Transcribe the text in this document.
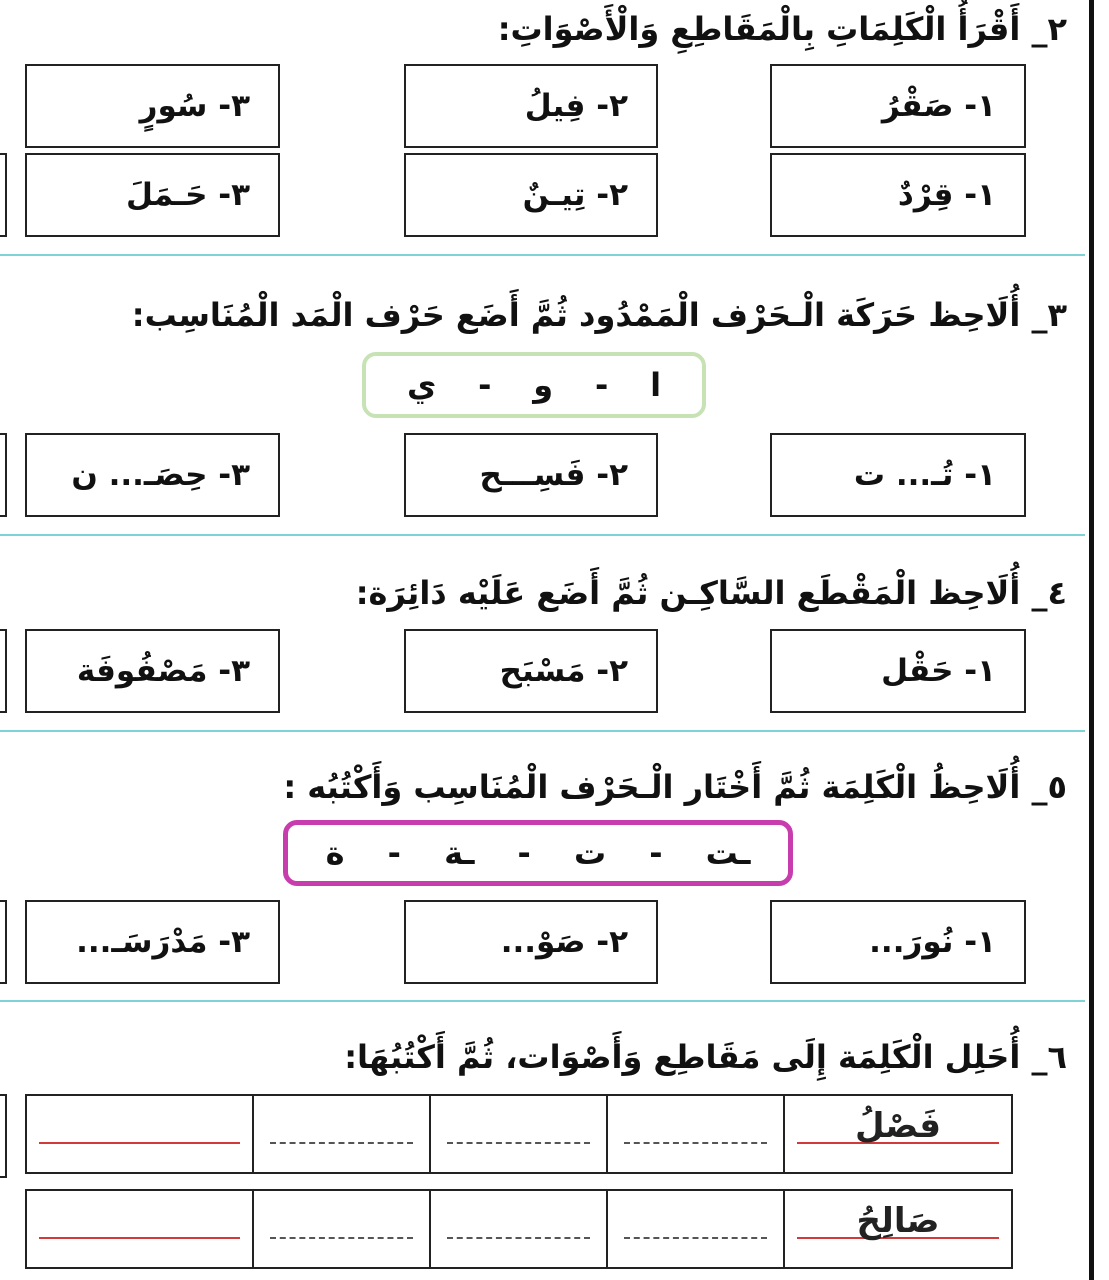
٢_ أَقْرَأُ الْكَلِمَاتِ بِالْمَقَاطِعِ وَالْأَصْوَاتِ:
١- صَقْرُ
٢- فِيلُ
٣- سُورٍ
١- قِرْدٌ
٢- تِيـنٌ
٣- حَـمَلَ
٣_ أُلَاحِظ حَرَكَة الْـحَرْف الْمَمْدُود ثُمَّ أَضَع حَرْف الْمَد الْمُنَاسِب:
ا
-
و
-
ي
١- تُـ... ت
٢- فَسِـــح
٣- حِصَـ... ن
٤_ أُلَاحِظ الْمَقْطَع السَّاكِـن ثُمَّ أَضَع عَلَيْه دَائِرَة:
١- حَقْل
٢- مَسْبَح
٣- مَصْفُوفَة
٥_ أُلَاحِظُ الْكَلِمَة ثُمَّ أَخْتَار الْـحَرْف الْمُنَاسِب وَأَكْتُبُه :
ـت
-
ت
-
ـة
-
ة
١- نُورَ...
٢- صَوْ...
٣- مَدْرَسَـ...
٦_ أُحَلِل الْكَلِمَة إِلَى مَقَاطِع وَأَصْوَات، ثُمَّ أَكْتُبُهَا:
فَصْلُ
صَالِحُ
